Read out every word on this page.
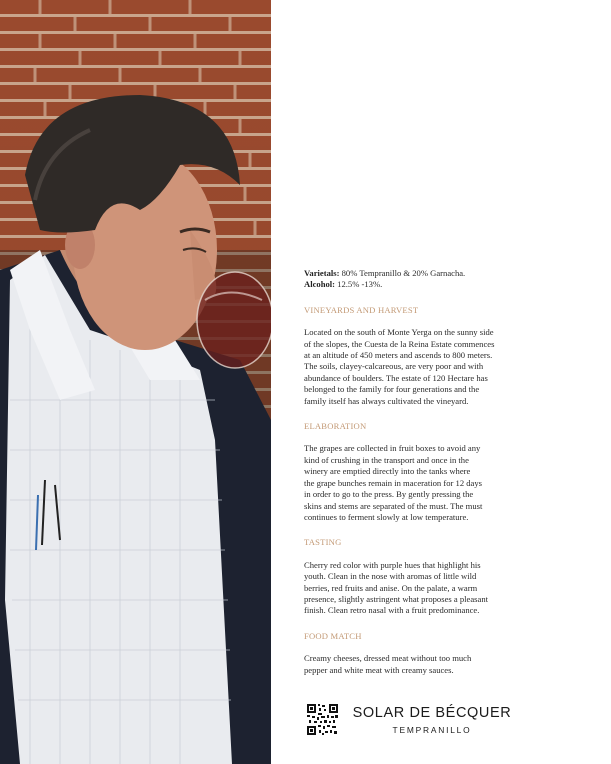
Varietals: 80% Tempranillo & 20% Garnacha.

Alcohol: 12.5% -13%.

VINEYARDS AND HARVEST

Located on the south of Monte Yerga on the sunny side
of the slopes, the Cuesta de la Reina Estate commences
at an altitude of 450 meters and ascends to 800 meters.
The soils, clayey-calcareous, are very poor and with
abundance of boulders. The estate of 120 Hectare has
belonged to the family for four generations and the
family itself has always cultivated the vineyard.

ELABORATION

The grapes are collected in fruit boxes to avoid any
kind of crushing in the transport and once in the
winery are emptied directly into the tanks where
the grape bunches remain in maceration for 12 days
in order to go to the press. By gently pressing the
skins and stems are separated of the must. The must
continues to ferment slowly at low temperature.

TASTING

Cherry red color with purple hues that highlight his
youth. Clean in the nose with aromas of little wild
berries, red fruits and anise. On the palate, a warm
presence, slightly astringent what proposes a pleasant
finish. Clean retro nasal with a fruit predominance.

FOOD MATCH

Creamy cheeses, dressed meat without too much
pepper and white meat with creamy sauces.

SOLAR DE BÉCQUER
TEMPRANILLO
